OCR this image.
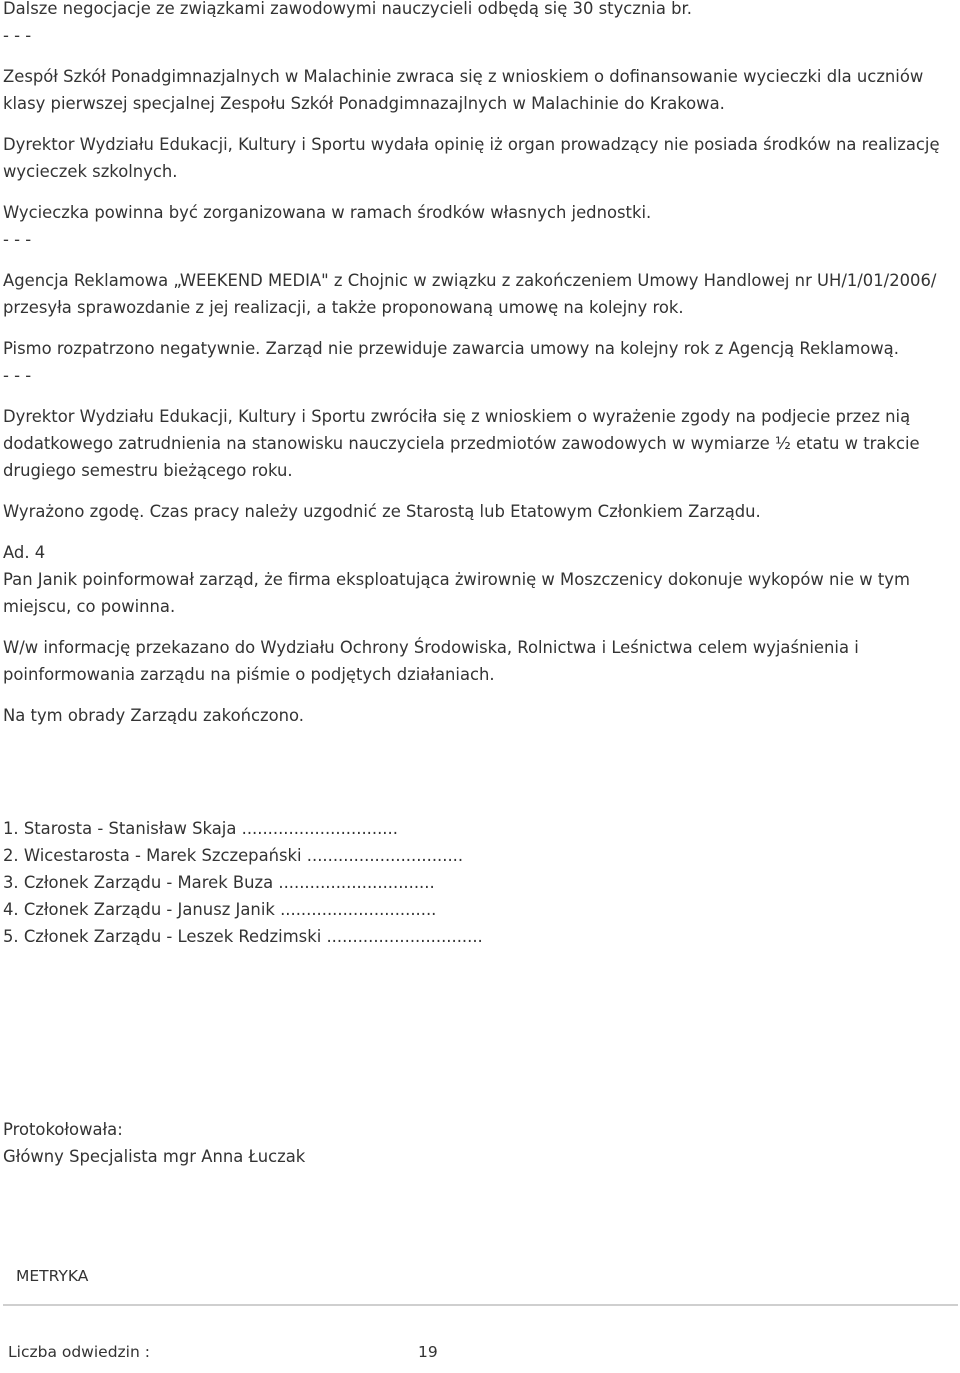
Dalsze negocjacje ze związkami zawodowymi nauczycieli odbędą się 30 stycznia br.
- - -
Zespół Szkół Ponadgimnazjalnych w Malachinie zwraca się z wnioskiem o dofinansowanie wycieczki dla uczniów klasy pierwszej specjalnej Zespołu Szkół Ponadgimnazajlnych w Malachinie do Krakowa.
Dyrektor Wydziału Edukacji, Kultury i Sportu wydała opinię iż organ prowadzący nie posiada środków na realizację wycieczek szkolnych.
Wycieczka powinna być zorganizowana w ramach środków własnych jednostki.
- - -
Agencja Reklamowa „WEEKEND MEDIA" z Chojnic w związku z zakończeniem Umowy Handlowej nr UH/1/01/2006/ przesyła sprawozdanie z jej realizacji, a także proponowaną umowę na kolejny rok.
Pismo rozpatrzono negatywnie. Zarząd nie przewiduje zawarcia umowy na kolejny rok z Agencją Reklamową.
- - -
Dyrektor Wydziału Edukacji, Kultury i Sportu zwróciła się z wnioskiem o wyrażenie zgody na podjecie przez nią dodatkowego zatrudnienia na stanowisku nauczyciela przedmiotów zawodowych w wymiarze ½ etatu w trakcie drugiego semestru bieżącego roku.
Wyrażono zgodę. Czas pracy należy uzgodnić ze Starostą lub Etatowym Członkiem Zarządu.
Ad. 4
Pan Janik poinformował zarząd, że firma eksploatująca żwirownię w Moszczenicy dokonuje wykopów nie w tym miejscu, co powinna.
W/w informację przekazano do Wydziału Ochrony Środowiska, Rolnictwa i Leśnictwa celem wyjaśnienia i poinformowania zarządu na piśmie o podjętych działaniach.
Na tym obrady Zarządu zakończono.
1. Starosta - Stanisław Skaja ..............................
2. Wicestarosta - Marek Szczepański ..............................
3. Członek Zarządu - Marek Buza ..............................
4. Członek Zarządu - Janusz Janik ..............................
5. Członek Zarządu - Leszek Redzimski ..............................
Protokołowała:
Główny Specjalista mgr Anna Łuczak
METRYKA
Liczba odwiedzin :	19
